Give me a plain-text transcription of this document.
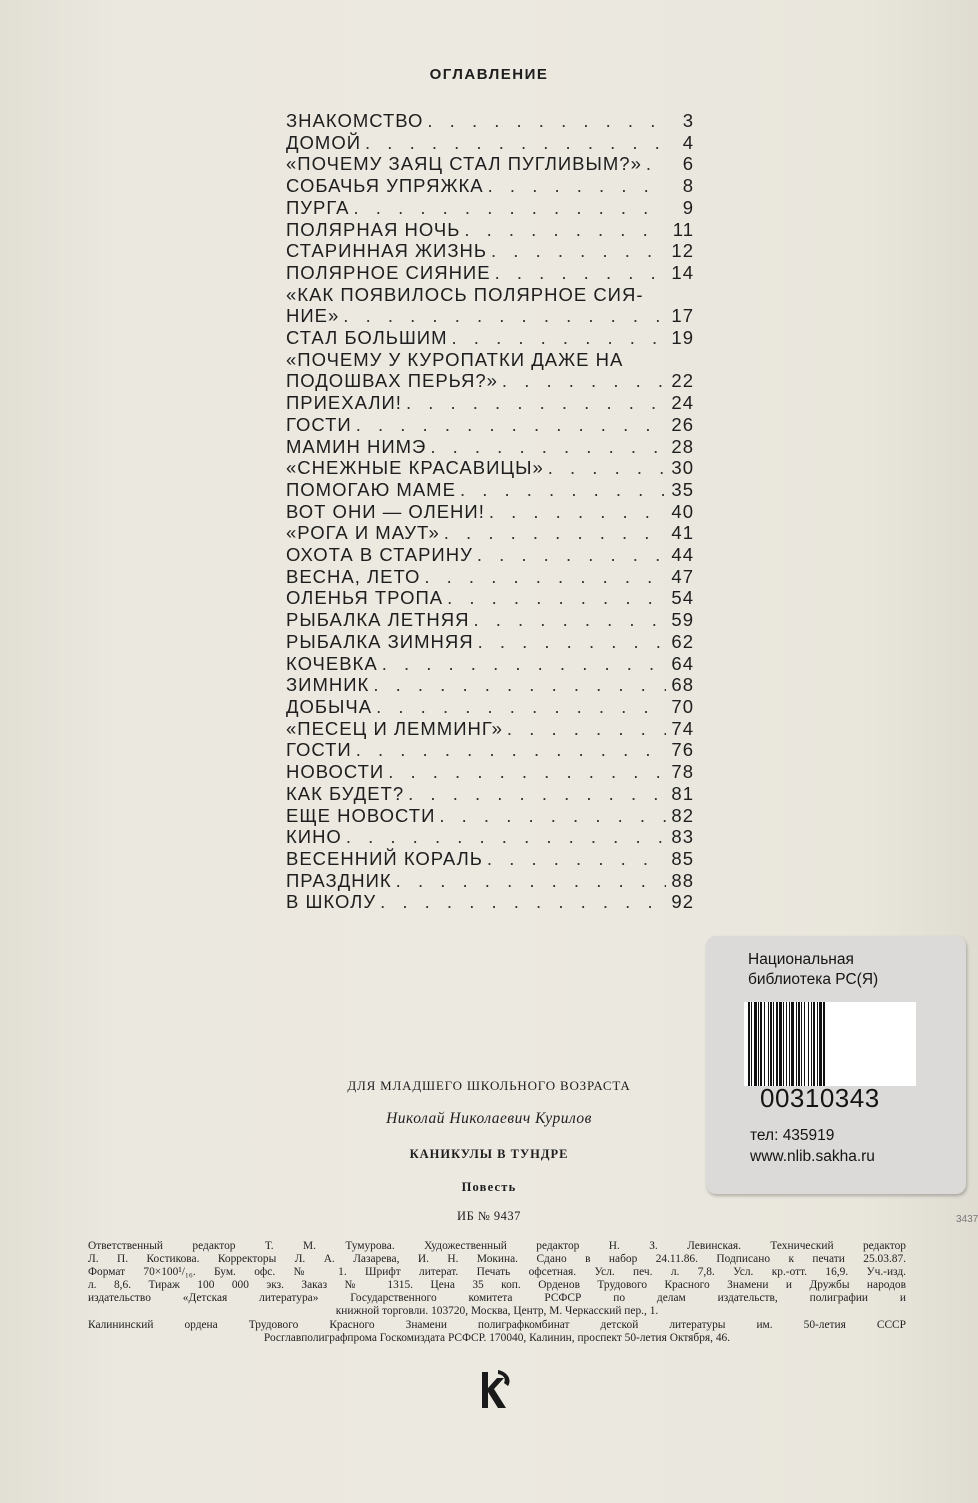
ОГЛАВЛЕНИЕ
ЗНАКОМСТВО . . .	3
ДОМОЙ . . .	4
«ПОЧЕМУ ЗАЯЦ СТАЛ ПУГЛИВЫМ?» . . .	6
СОБАЧЬЯ УПРЯЖКА . . .	8
ПУРГА . . .	9
ПОЛЯРНАЯ НОЧЬ . . .	11
СТАРИННАЯ ЖИЗНЬ . . .	12
ПОЛЯРНОЕ СИЯНИЕ . . .	14
«КАК ПОЯВИЛОСЬ ПОЛЯРНОЕ СИЯ-
НИЕ» . . .	17
СТАЛ БОЛЬШИМ . . .	19
«ПОЧЕМУ У КУРОПАТКИ ДАЖЕ НА
ПОДОШВАХ ПЕРЬЯ?» . . .	22
ПРИЕХАЛИ! . . .	24
ГОСТИ . . .	26
МАМИН НИМЭ . . .	28
«СНЕЖНЫЕ КРАСАВИЦЫ» . . .	30
ПОМОГАЮ МАМЕ . . .	35
ВОТ ОНИ — ОЛЕНИ! . . .	40
«РОГА И МАУТ» . . .	41
ОХОТА В СТАРИНУ . . .	44
ВЕСНА, ЛЕТО . . .	47
ОЛЕНЬЯ ТРОПА . . .	54
РЫБАЛКА ЛЕТНЯЯ . . .	59
РЫБАЛКА ЗИМНЯЯ . . .	62
КОЧЕВКА . . .	64
ЗИМНИК . . .	68
ДОБЫЧА . . .	70
«ПЕСЕЦ И ЛЕММИНГ» . . .	74
ГОСТИ . . .	76
НОВОСТИ . . .	78
КАК БУДЕТ? . . .	81
ЕЩЕ НОВОСТИ . . .	82
КИНО . . .	83
ВЕСЕННИЙ КОРАЛЬ . . .	85
ПРАЗДНИК . . .	88
В ШКОЛУ . . .	92
ДЛЯ МЛАДШЕГО ШКОЛЬНОГО ВОЗРАСТА
Николай Николаевич Курилов
КАНИКУЛЫ В ТУНДРЕ
Повесть
ИБ № 9437
Ответственный редактор Т. М. Тумурова. Художественный редактор Н. З. Левинская. Технический редактор
Л. П. Костикова. Корректоры Л. А. Лазарева, И. Н. Мокина. Сдано в набор 24.11.86. Подписано к печати 25.03.87.
Формат 70×100¹/₁₆. Бум. офс. № 1. Шрифт литерат. Печать офсетная. Усл. печ. л. 7,8. Усл. кр.-отт. 16,9. Уч.-изд.
л. 8,6. Тираж 100 000 экз. Заказ № 1315. Цена 35 коп. Орденов Трудового Красного Знамени и Дружбы народов
издательство «Детская литература» Государственного комитета РСФСР по делам издательств, полиграфии и
книжной торговли. 103720, Москва, Центр, М. Черкасский пер., 1.
Калининский ордена Трудового Красного Знамени полиграфкомбинат детской литературы им. 50-летия СССР
Росглавполиграфпрома Госкомиздата РСФСР. 170040, Калинин, проспект 50-летия Октября, 46.
3437
Национальная
библиотека РС(Я)
00310343
тел: 435919
www.nlib.sakha.ru
